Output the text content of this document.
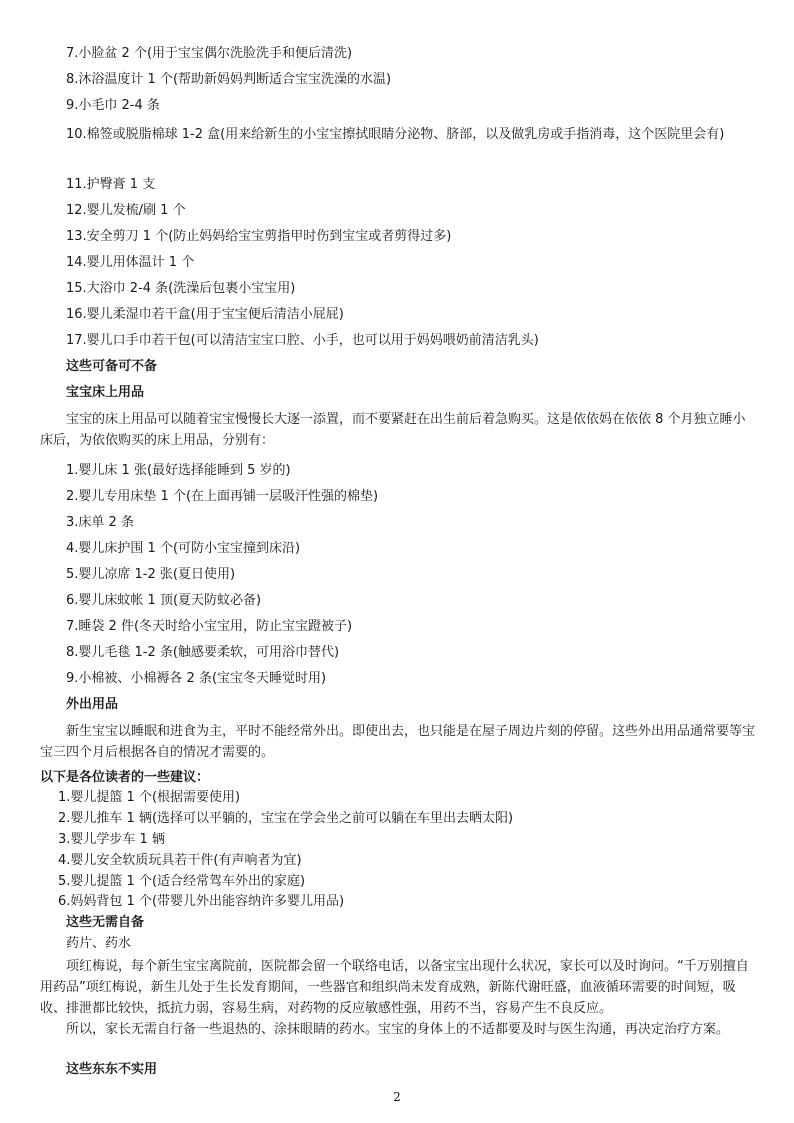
7.小脸盆 2 个(用于宝宝偶尔洗脸洗手和便后清洗)
8.沐浴温度计 1 个(帮助新妈妈判断适合宝宝洗澡的水温)
9.小毛巾 2-4 条
10.棉签或脱脂棉球 1-2 盒(用来给新生的小宝宝擦拭眼睛分泌物、脐部，以及做乳房或手指消毒，这个医院里会有)
11.护臀膏 1 支
12.婴儿发梳/刷 1 个
13.安全剪刀 1 个(防止妈妈给宝宝剪指甲时伤到宝宝或者剪得过多)
14.婴儿用体温计 1 个
15.大浴巾 2-4 条(洗澡后包裹小宝宝用)
16.婴儿柔湿巾若干盒(用于宝宝便后清洁小屁屁)
17.婴儿口手巾若干包(可以清洁宝宝口腔、小手，也可以用于妈妈喂奶前清洁乳头)
这些可备可不备
宝宝床上用品
宝宝的床上用品可以随着宝宝慢慢长大逐一添置，而不要紧赶在出生前后着急购买。这是依依妈在依依 8 个月独立睡小床后，为依依购买的床上用品，分别有：
1.婴儿床 1 张(最好选择能睡到 5 岁的)
2.婴儿专用床垫 1 个(在上面再铺一层吸汗性强的棉垫)
3.床单 2 条
4.婴儿床护围 1 个(可防小宝宝撞到床沿)
5.婴儿凉席 1-2 张(夏日使用)
6.婴儿床蚊帐 1 顶(夏天防蚊必备)
7.睡袋 2 件(冬天时给小宝宝用，防止宝宝蹬被子)
8.婴儿毛毯 1-2 条(触感要柔软，可用浴巾替代)
9.小棉被、小棉褥各 2 条(宝宝冬天睡觉时用)
外出用品
新生宝宝以睡眠和进食为主，平时不能经常外出。即使出去，也只能是在屋子周边片刻的停留。这些外出用品通常要等宝宝三四个月后根据各自的情况才需要的。
以下是各位读者的一些建议：
1.婴儿提篮 1 个(根据需要使用)
2.婴儿推车 1 辆(选择可以平躺的，宝宝在学会坐之前可以躺在车里出去晒太阳)
3.婴儿学步车 1 辆
4.婴儿安全软质玩具若干件(有声响者为宜)
5.婴儿提篮 1 个(适合经常驾车外出的家庭)
6.妈妈背包 1 个(带婴儿外出能容纳许多婴儿用品)
这些无需自备
药片、药水
项红梅说，每个新生宝宝离院前，医院都会留一个联络电话，以备宝宝出现什么状况，家长可以及时询问。“千万别擅自用药品”项红梅说，新生儿处于生长发育期间，一些器官和组织尚未发育成熟，新陈代谢旺盛，血液循环需要的时间短，吸收、排泄都比较快，抵抗力弱，容易生病，对药物的反应敏感性强，用药不当，容易产生不良反应。
所以，家长无需自行备一些退热的、涂抹眼睛的药水。宝宝的身体上的不适都要及时与医生沟通，再决定治疗方案。
这些东东不实用
2
